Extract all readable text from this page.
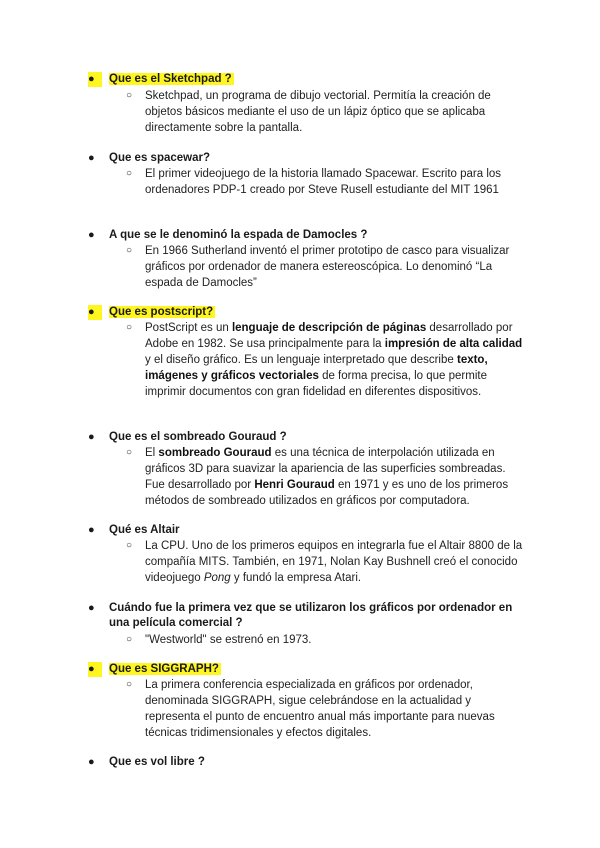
●	Que es el Sketchpad ?
○	Sketchpad, un programa de dibujo vectorial. Permitía la creación de objetos básicos mediante el uso de un lápiz óptico que se aplicaba directamente sobre la pantalla.
●	Que es spacewar?
○	El primer videojuego de la historia llamado Spacewar. Escrito para los ordenadores PDP-1 creado por Steve Rusell estudiante del MIT 1961
●	A que se le denominó la espada de Damocles ?
○	En 1966 Sutherland inventó el primer prototipo de casco para visualizar gráficos por ordenador de manera estereoscópica. Lo denominó “La espada de Damocles”
●	Que es postscript?
○	PostScript es un lenguaje de descripción de páginas desarrollado por Adobe en 1982. Se usa principalmente para la impresión de alta calidad y el diseño gráfico. Es un lenguaje interpretado que describe texto, imágenes y gráficos vectoriales de forma precisa, lo que permite imprimir documentos con gran fidelidad en diferentes dispositivos.
●	Que es el sombreado Gouraud ?
○	El sombreado Gouraud es una técnica de interpolación utilizada en gráficos 3D para suavizar la apariencia de las superficies sombreadas. Fue desarrollado por Henri Gouraud en 1971 y es uno de los primeros métodos de sombreado utilizados en gráficos por computadora.
●	Qué es Altair
○	La CPU. Uno de los primeros equipos en integrarla fue el Altair 8800 de la compañía MITS. También, en 1971, Nolan Kay Bushnell creó el conocido videojuego Pong y fundó la empresa Atari.
●	Cuándo fue la primera vez que se utilizaron los gráficos por ordenador en una película comercial ?
○	"Westworld" se estrenó en 1973.
●	Que es SIGGRAPH?
○	La primera conferencia especializada en gráficos por ordenador, denominada SIGGRAPH, sigue celebrándose en la actualidad y representa el punto de encuentro anual más importante para nuevas técnicas tridimensionales y efectos digitales.
●	Que es vol libre ?
